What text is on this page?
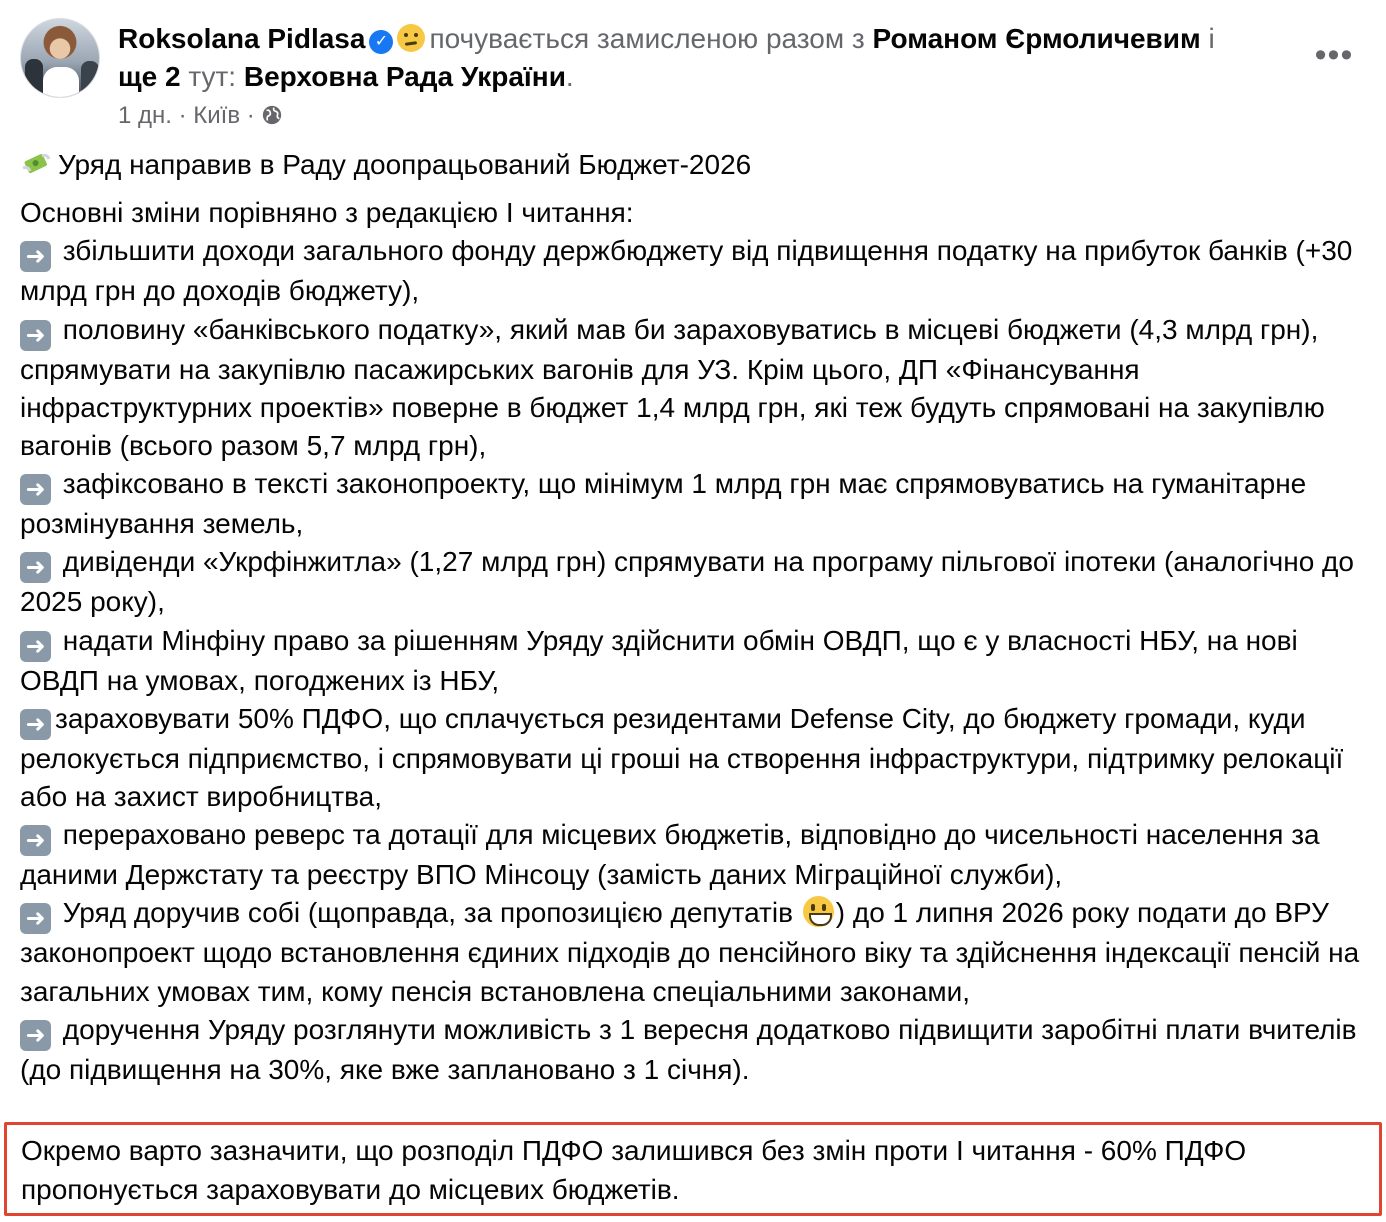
Roksolana Pidlasa ✓ почувається замисленою разом з Романом Єрмоличевим і ще 2 тут: Верховна Рада України.
1 дн. · Київ ·
•••

Уряд направив в Раду доопрацьований Бюджет-2026

Основні зміни порівняно з редакцією І читання:

➜ збільшити доходи загального фонду держбюджету від підвищення податку на прибуток банків (+30 млрд грн до доходів бюджету),

➜ половину «банківського податку», який мав би зараховуватись в місцеві бюджети (4,3 млрд грн), спрямувати на закупівлю пасажирських вагонів для УЗ. Крім цього, ДП «Фінансування інфраструктурних проектів» поверне в бюджет 1,4 млрд грн, які теж будуть спрямовані на закупівлю вагонів (всього разом 5,7 млрд грн),

➜ зафіксовано в тексті законопроекту, що мінімум 1 млрд грн має спрямовуватись на гуманітарне розмінування земель,

➜ дивіденди «Укрфінжитла» (1,27 млрд грн) спрямувати на програму пільгової іпотеки (аналогічно до 2025 року),

➜ надати Мінфіну право за рішенням Уряду здійснити обмін ОВДП, що є у власності НБУ, на нові ОВДП на умовах, погоджених із НБУ,

➜ зараховувати 50% ПДФО, що сплачується резидентами Defense City, до бюджету громади, куди релокується підприємство, і спрямовувати ці гроші на створення інфраструктури, підтримку релокації або на захист виробництва,

➜ перераховано реверс та дотації для місцевих бюджетів, відповідно до чисельності населення за даними Держстату та реєстру ВПО Мінсоцу (замість даних Міграційної служби),

➜ Уряд доручив собі (щоправда, за пропозицією депутатів ) до 1 липня 2026 року подати до ВРУ законопроект щодо встановлення єдиних підходів до пенсійного віку та здійснення індексації пенсій на загальних умовах тим, кому пенсія встановлена спеціальними законами,

➜ доручення Уряду розглянути можливість з 1 вересня додатково підвищити заробітні плати вчителів (до підвищення на 30%, яке вже заплановано з 1 січня).

Окремо варто зазначити, що розподіл ПДФО залишився без змін проти І читання - 60% ПДФО пропонується зараховувати до місцевих бюджетів.
